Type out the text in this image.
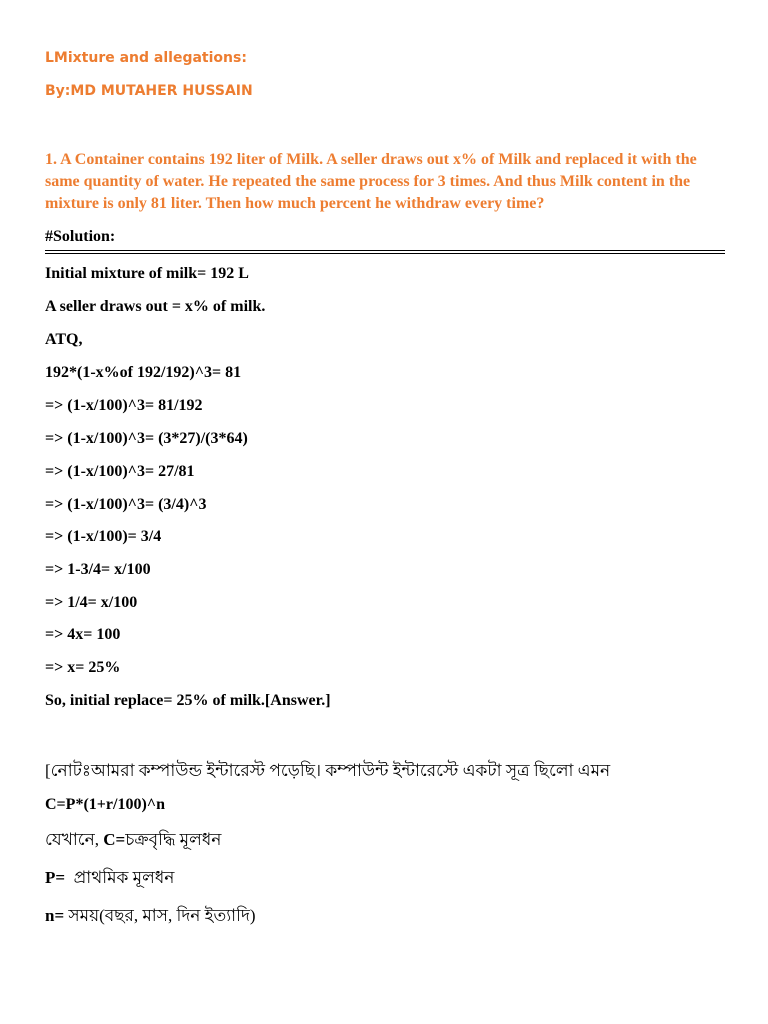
LMixture and allegations:
By:MD MUTAHER HUSSAIN

1. A Container contains 192 liter of Milk. A seller draws out x% of Milk and replaced it with the same quantity of water. He repeated the same process for 3 times. And thus Milk content in the mixture is only 81 liter. Then how much percent he withdraw every time?

#Solution:
Initial mixture of milk= 192 L
A seller draws out = x% of milk.
ATQ,
192*(1-x%of 192/192)^3= 81
=> (1-x/100)^3= 81/192
=> (1-x/100)^3= (3*27)/(3*64)
=> (1-x/100)^3= 27/81
=> (1-x/100)^3= (3/4)^3
=> (1-x/100)= 3/4
=> 1-3/4= x/100
=> 1/4= x/100
=> 4x= 100
=> x= 25%
So, initial replace= 25% of milk.[Answer.]
[নোটঃআমরা কম্পাউন্ড ইন্টারেস্ট পড়েছি। কম্পাউন্ট ইন্টারেস্টে একটা সূত্র ছিলো এমন
C=P*(1+r/100)^n
যেখানে, C=চক্রবৃদ্ধি মূলধন
P=  প্রাথমিক মূলধন
n= সময়(বছর, মাস, দিন ইত্যাদি)
